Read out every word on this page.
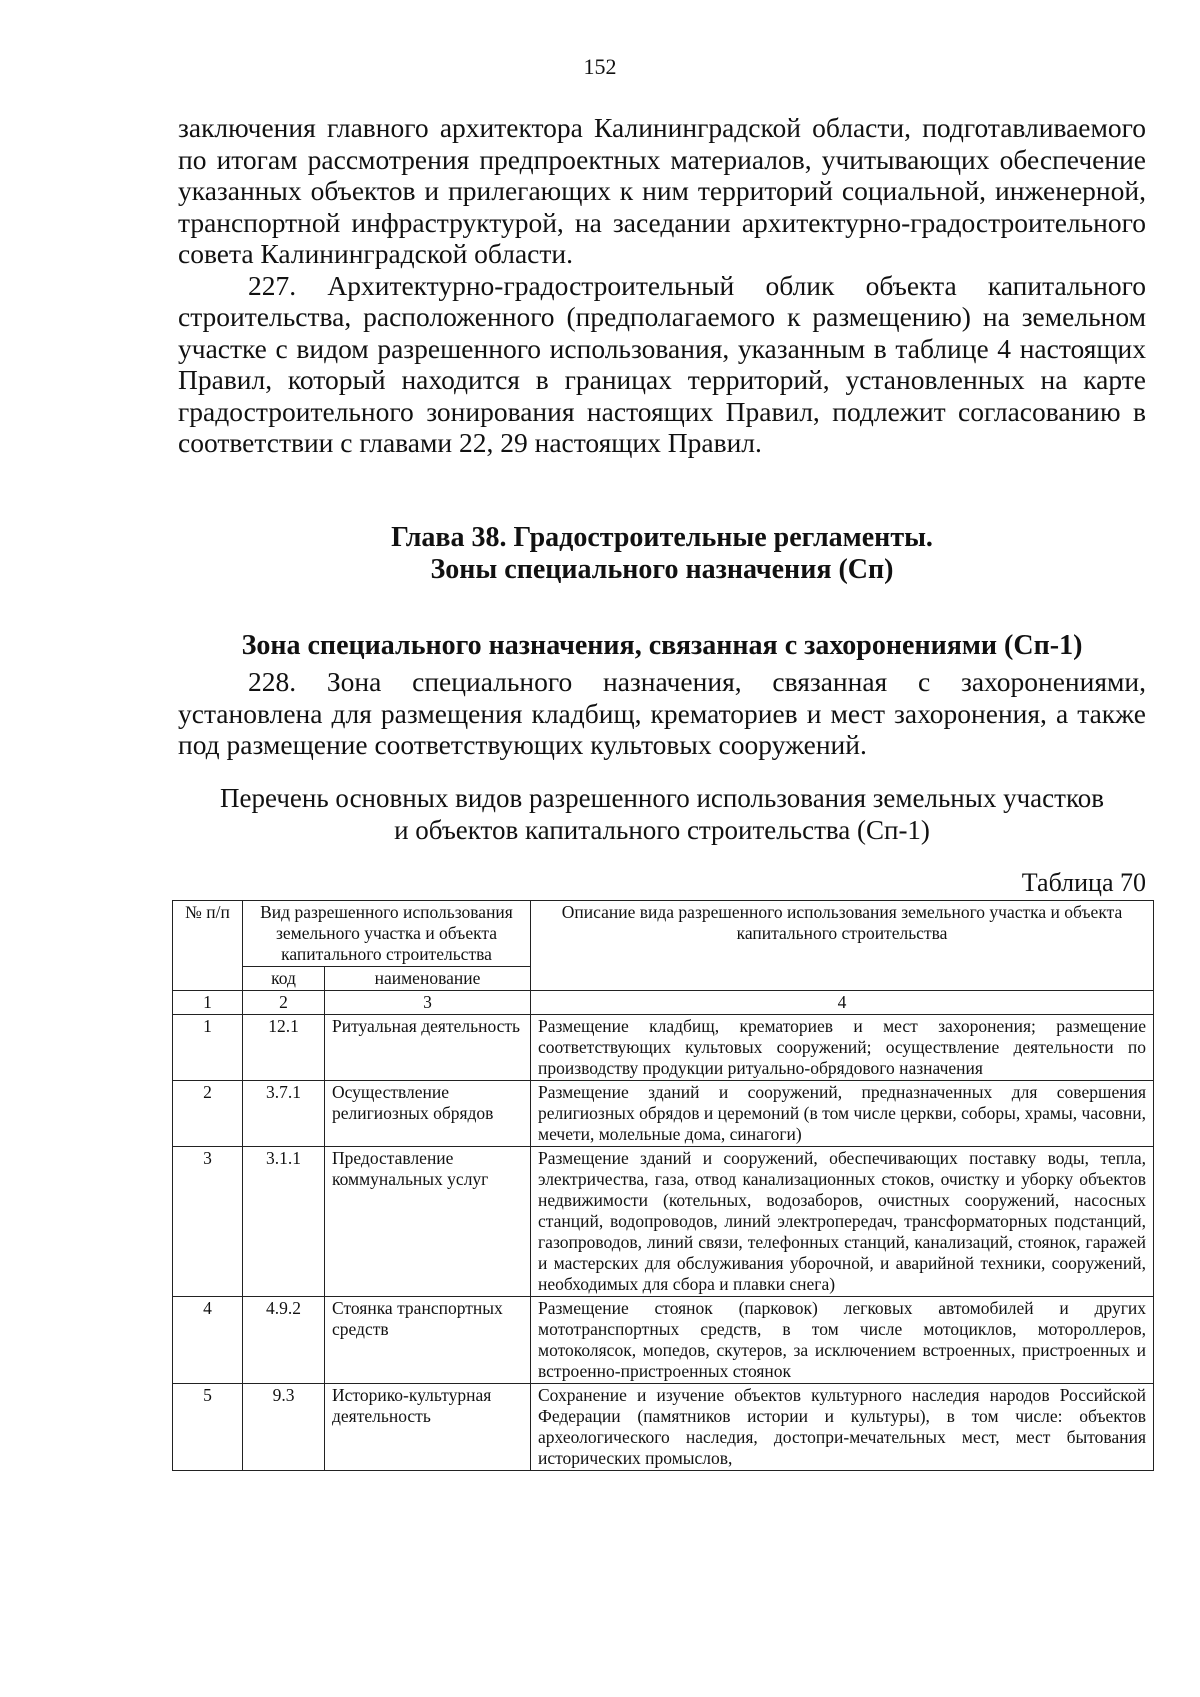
152

заключения главного архитектора Калининградской области, подготавливаемого по итогам рассмотрения предпроектных материалов, учитывающих обеспечение указанных объектов и прилегающих к ним территорий социальной, инженерной, транспортной инфраструктурой, на заседании архитектурно-градостроительного совета Калининградской области.

227. Архитектурно-градостроительный облик объекта капитального строительства, расположенного (предполагаемого к размещению) на земельном участке с видом разрешенного использования, указанным в таблице 4 настоящих Правил, который находится в границах территорий, установленных на карте градостроительного зонирования настоящих Правил, подлежит согласованию в соответствии с главами 22, 29 настоящих Правил.

Глава 38. Градостроительные регламенты.

Зоны специального назначения (Сп)

Зона специального назначения, связанная с захоронениями (Сп-1)

228. Зона специального назначения, связанная с захоронениями, установлена для размещения кладбищ, крематориев и мест захоронения, а также под размещение соответствующих культовых сооружений.

Перечень основных видов разрешенного использования земельных участков
и объектов капитального строительства (Сп-1)
Таблица 70
№ п/п	Вид разрешенного использования земельного участка и объекта капитального строительства		Описание вида разрешенного использования земельного участка и объекта капитального строительства
	код	наименование	
1	2	3	4
1	12.1	Ритуальная деятельность	Размещение кладбищ, крематориев и мест захоронения; размещение соответствующих культовых сооружений; осуществление деятельности по производству продукции ритуально-обрядового назначения
2	3.7.1	Осуществление религиозных обрядов	Размещение зданий и сооружений, предназначенных для совершения религиозных обрядов и церемоний (в том числе церкви, соборы, храмы, часовни, мечети, молельные дома, синагоги)
3	3.1.1	Предоставление коммунальных услуг	Размещение зданий и сооружений, обеспечивающих поставку воды, тепла, электричества, газа, отвод канализационных стоков, очистку и уборку объектов недвижимости (котельных, водозаборов, очистных сооружений, насосных станций, водопроводов, линий электропередач, трансформаторных подстанций, газопроводов, линий связи, телефонных станций, канализаций, стоянок, гаражей и мастерских для обслуживания уборочной, и аварийной техники, сооружений, необходимых для сбора и плавки снега)
4	4.9.2	Стоянка транспортных средств	Размещение стоянок (парковок) легковых автомобилей и других мототранспортных средств, в том числе мотоциклов, мотороллеров, мотоколясок, мопедов, скутеров, за исключением встроенных, пристроенных и встроенно-пристроенных стоянок
5	9.3	Историко-культурная деятельность	Сохранение и изучение объектов культурного наследия народов Российской Федерации (памятников истории и культуры), в том числе: объектов археологического наследия, достопри-мечательных мест, мест бытования исторических промыслов,
